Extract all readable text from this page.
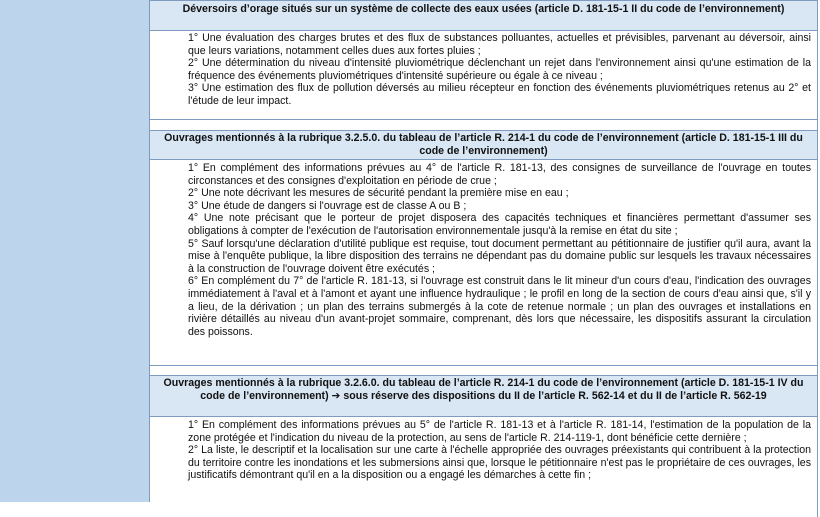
Déversoirs d’orage situés sur un système de collecte des eaux usées (article D. 181-15-1 II du code de l’environnement)

1° Une évaluation des charges brutes et des flux de substances polluantes, actuelles et prévisibles, parvenant au déversoir, ainsi que leurs variations, notamment celles dues aux fortes pluies ;

2° Une détermination du niveau d'intensité pluviométrique déclenchant un rejet dans l'environnement ainsi qu'une estimation de la fréquence des événements pluviométriques d'intensité supérieure ou égale à ce niveau ;

3° Une estimation des flux de pollution déversés au milieu récepteur en fonction des événements pluviométriques retenus au 2° et l'étude de leur impact.

Ouvrages mentionnés à la rubrique 3.2.5.0. du tableau de l’article R. 214-1 du code de l’environnement (article D. 181-15-1 III du code de l’environnement)

1° En complément des informations prévues au 4° de l'article R. 181-13, des consignes de surveillance de l'ouvrage en toutes circonstances et des consignes d'exploitation en période de crue ;

2° Une note décrivant les mesures de sécurité pendant la première mise en eau ;

3° Une étude de dangers si l'ouvrage est de classe A ou B ;

4° Une note précisant que le porteur de projet disposera des capacités techniques et financières permettant d'assumer ses obligations à compter de l'exécution de l'autorisation environnementale jusqu'à la remise en état du site ;

5° Sauf lorsqu'une déclaration d'utilité publique est requise, tout document permettant au pétitionnaire de justifier qu'il aura, avant la mise à l'enquête publique, la libre disposition des terrains ne dépendant pas du domaine public sur lesquels les travaux nécessaires à la construction de l'ouvrage doivent être exécutés ;

6° En complément du 7° de l'article R. 181-13, si l'ouvrage est construit dans le lit mineur d'un cours d'eau, l'indication des ouvrages immédiatement à l'aval et à l'amont et ayant une influence hydraulique ; le profil en long de la section de cours d'eau ainsi que, s'il y a lieu, de la dérivation ; un plan des terrains submergés à la cote de retenue normale ; un plan des ouvrages et installations en rivière détaillés au niveau d'un avant-projet sommaire, comprenant, dès lors que nécessaire, les dispositifs assurant la circulation des poissons.

Ouvrages mentionnés à la rubrique 3.2.6.0. du tableau de l’article R. 214-1 du code de l’environnement (article D. 181-15-1 IV du code de l’environnement) ➔ sous réserve des dispositions du II de l’article R. 562-14 et du II de l’article R. 562-19

1° En complément des informations prévues au 5° de l'article R. 181-13 et à l'article R. 181-14, l'estimation de la population de la zone protégée et l'indication du niveau de la protection, au sens de l'article R. 214-119-1, dont bénéficie cette dernière ;

2° La liste, le descriptif et la localisation sur une carte à l'échelle appropriée des ouvrages préexistants qui contribuent à la protection du territoire contre les inondations et les submersions ainsi que, lorsque le pétitionnaire n'est pas le propriétaire de ces ouvrages, les justificatifs démontrant qu'il en a la disposition ou a engagé les démarches à cette fin ;
